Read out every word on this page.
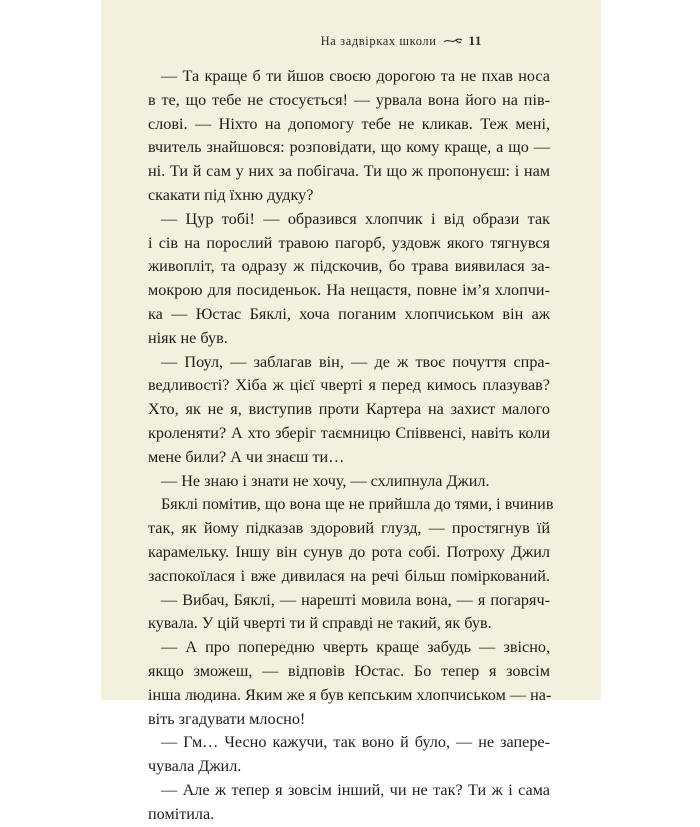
На задвірках школи 11
— Та краще б ти йшов своєю дорогою та не пхав носа
в те, що тебе не стосується! — урвала вона його на пів-
слові. — Ніхто на допомогу тебе не кликав. Теж мені,
вчитель знайшовся: розповідати, що кому краще, а що —
ні. Ти й сам у них за побігача. Ти що ж пропонуєш: і нам
скакати під їхню дудку?
— Цур тобі! — образився хлопчик і від образи так
і сів на порослий травою пагорб, уздовж якого тягнувся
живопліт, та одразу ж підскочив, бо трава виявилася за-
мокрою для посиденьок. На нещастя, повне ім’я хлопчи-
ка — Юстас Бяклі, хоча поганим хлопчиськом він аж
ніяк не був.
— Поул, — заблагав він, — де ж твоє почуття спра-
ведливості? Хіба ж цієї чверті я перед кимось плазував?
Хто, як не я, виступив проти Картера на захист малого
кроленяти? А хто зберіг таємницю Співвенсі, навіть коли
мене били? А чи знаєш ти…
— Не знаю і знати не хочу, — схлипнула Джил.
Бяклі помітив, що вона ще не прийшла до тями, і вчинив
так, як йому підказав здоровий глузд, — простягнув їй
карамельку. Іншу він сунув до рота собі. Потроху Джил
заспокоїлася і вже дивилася на речі більш поміркований.
— Вибач, Бяклі, — нарешті мовила вона, — я погаряч-
кувала. У цій чверті ти й справді не такий, як був.
— А про попередню чверть краще забудь — звісно,
якщо зможеш, — відповів Юстас. Бо тепер я зовсім
інша людина. Яким же я був кепським хлопчиськом — на-
віть згадувати млосно!
— Гм… Чесно кажучи, так воно й було, — не запере-
чувала Джил.
— Але ж тепер я зовсім інший, чи не так? Ти ж і сама
помітила.
